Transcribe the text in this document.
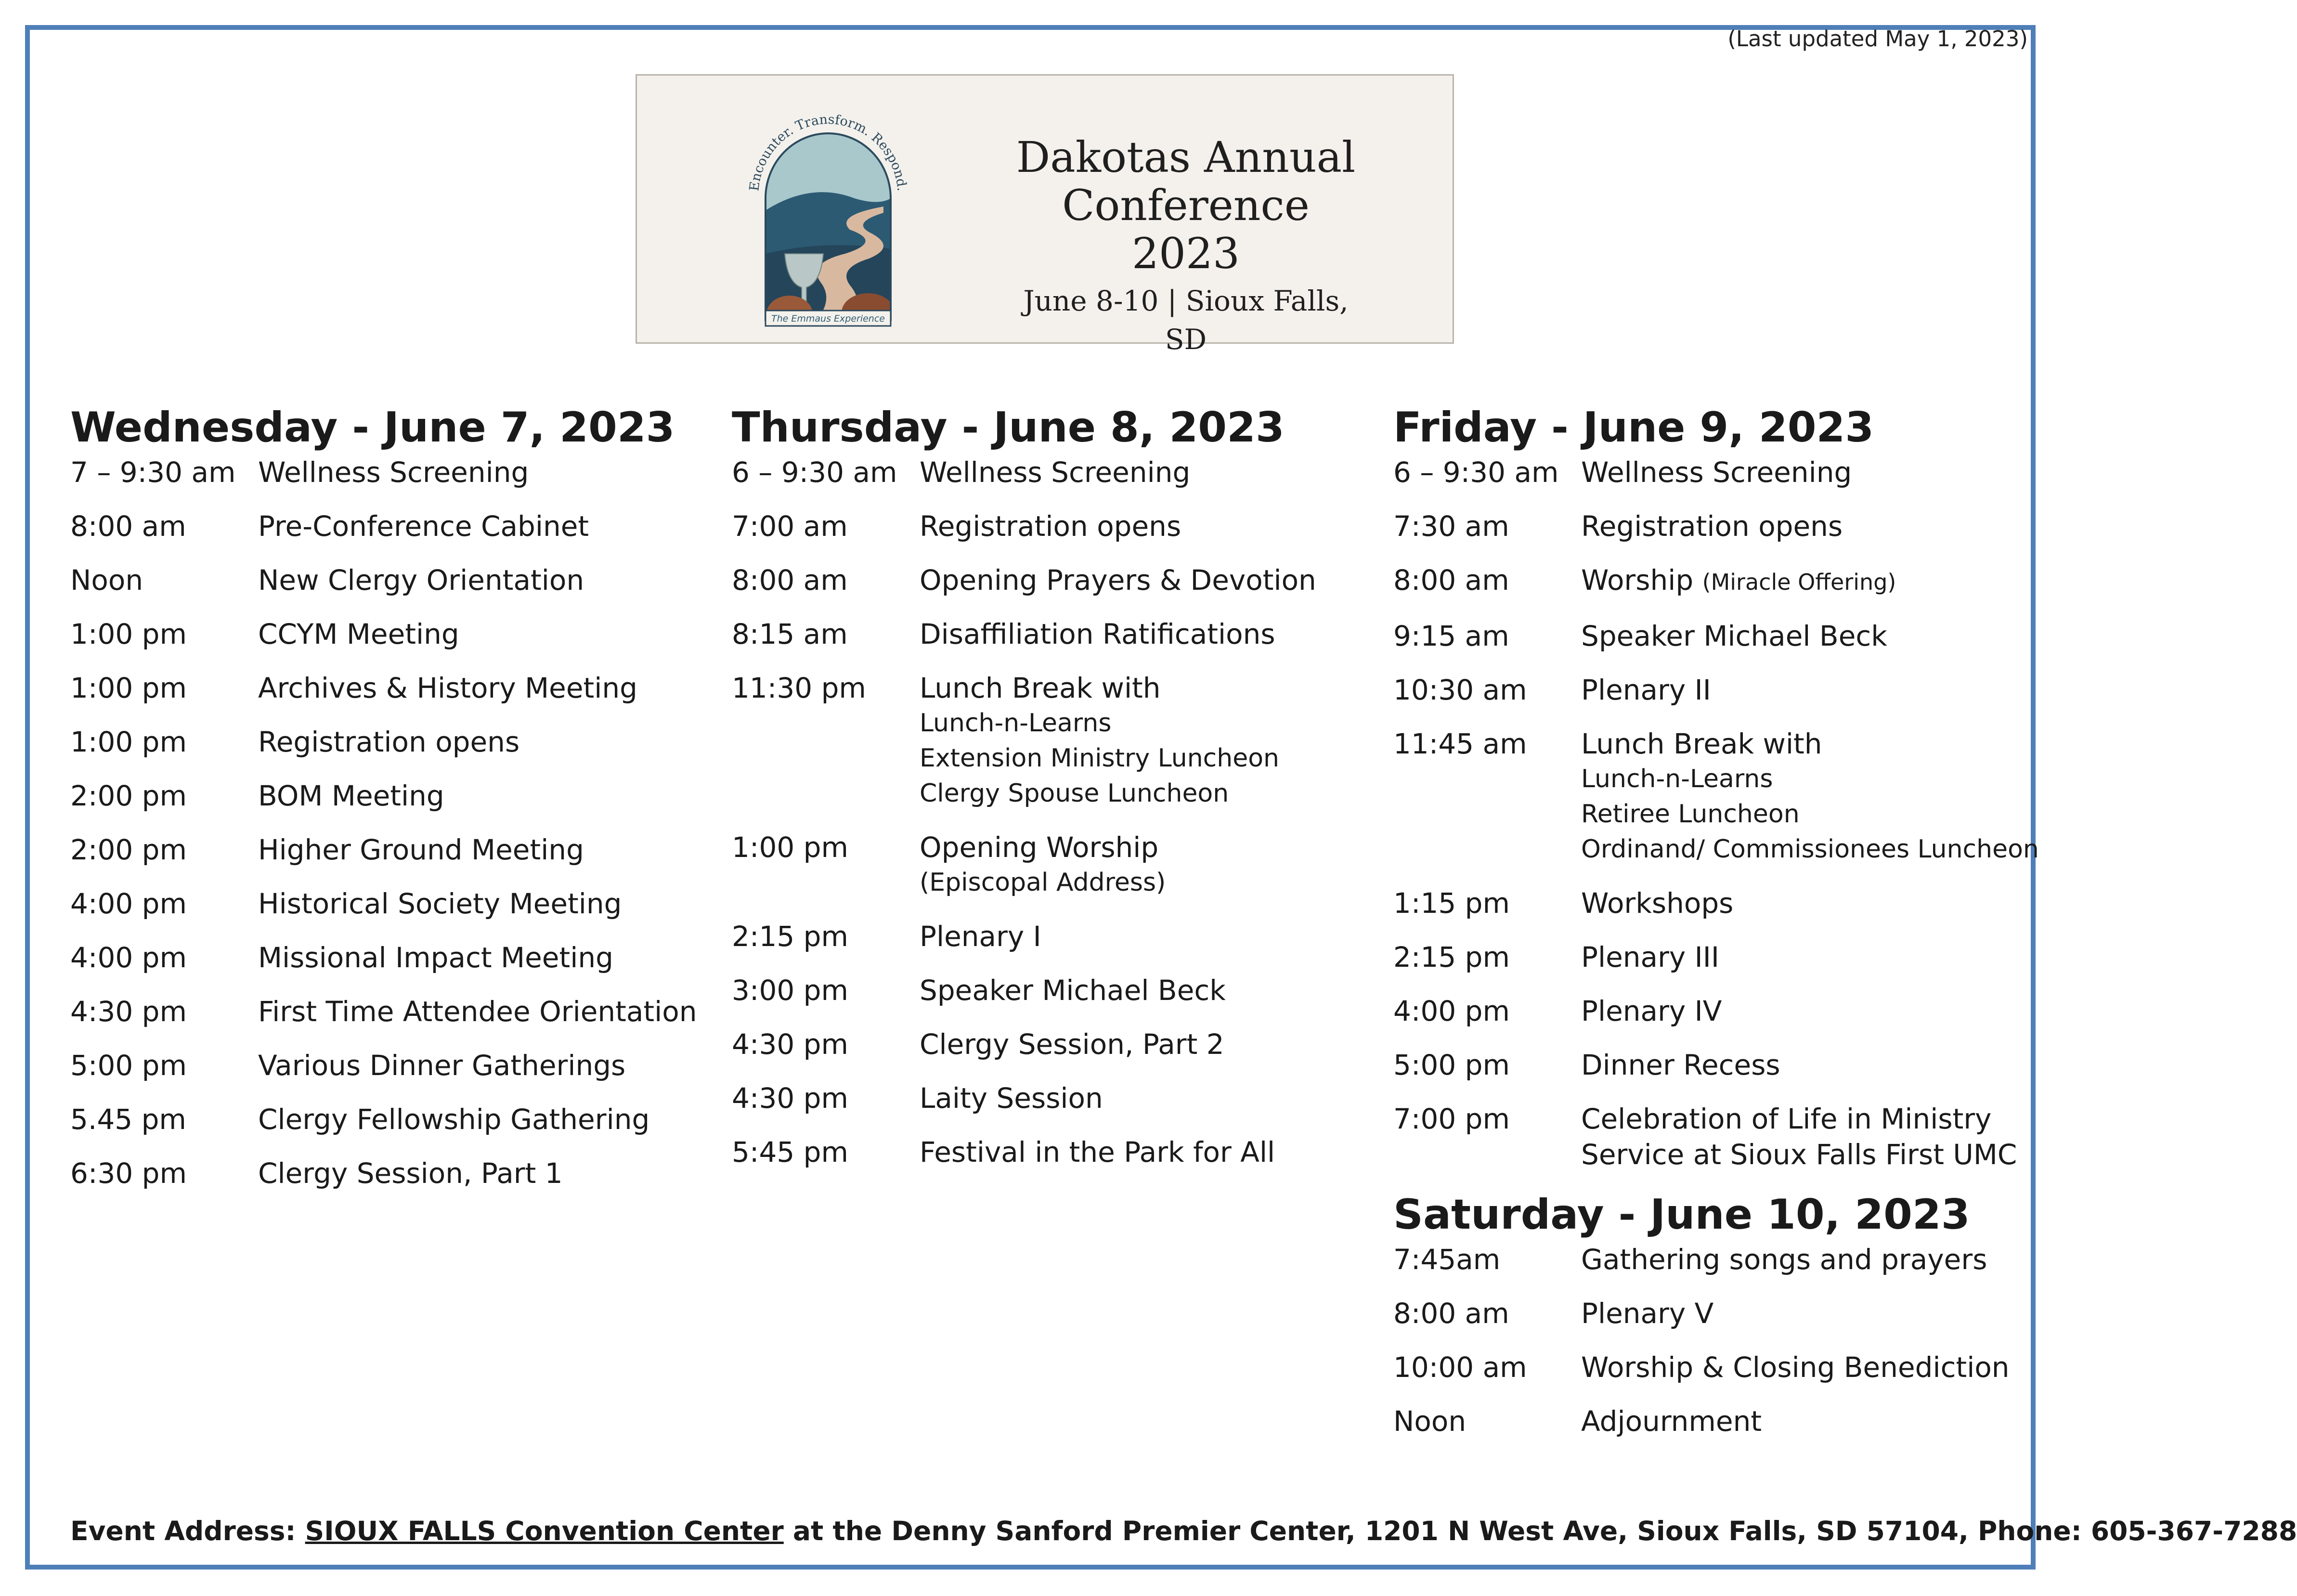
(Last updated May 1, 2023)
Encounter. Transform. Respond.
The Emmaus Experience
Dakotas Annual
Conference 2023
June 8-10 | Sioux Falls, SD
Wednesday - June 7, 2023
7 – 9:30 am Wellness Screening
8:00 am	Pre-Conference Cabinet
Noon	New Clergy Orientation
1:00 pm	CCYM Meeting
1:00 pm	Archives & History Meeting
1:00 pm	Registration opens
2:00 pm	BOM Meeting
2:00 pm	Higher Ground Meeting
4:00 pm	Historical Society Meeting
4:00 pm	Missional Impact Meeting
4:30 pm	First Time Attendee Orientation
5:00 pm	Various Dinner Gatherings
5.45 pm	Clergy Fellowship Gathering
6:30 pm	Clergy Session, Part 1
Thursday - June 8, 2023
6 – 9:30 am Wellness Screening
7:00 am	Registration opens
8:00 am	Opening Prayers & Devotion
8:15 am	Disaffiliation Ratifications
11:30 pm	Lunch Break with
Lunch-n-Learns
Extension Ministry Luncheon
Clergy Spouse Luncheon
1:00 pm	Opening Worship
(Episcopal Address)
2:15 pm	Plenary I
3:00 pm	Speaker Michael Beck
4:30 pm	Clergy Session, Part 2
4:30 pm	Laity Session
5:45 pm	Festival in the Park for All
Friday - June 9, 2023
6 – 9:30 am Wellness Screening
7:30 am	Registration opens
8:00 am	Worship (Miracle Offering)
9:15 am	Speaker Michael Beck
10:30 am	Plenary II
11:45 am	Lunch Break with
Lunch-n-Learns
Retiree Luncheon
Ordinand/ Commissionees Luncheon
1:15 pm	Workshops
2:15 pm	Plenary III
4:00 pm	Plenary IV
5:00 pm	Dinner Recess
7:00 pm	Celebration of Life in Ministry
Service at Sioux Falls First UMC
Saturday - June 10, 2023
7:45am	Gathering songs and prayers
8:00 am	Plenary V
10:00 am	Worship & Closing Benediction
Noon	Adjournment
Event Address: SIOUX FALLS Convention Center at the Denny Sanford Premier Center, 1201 N West Ave, Sioux Falls, SD 57104, Phone: 605-367-7288
